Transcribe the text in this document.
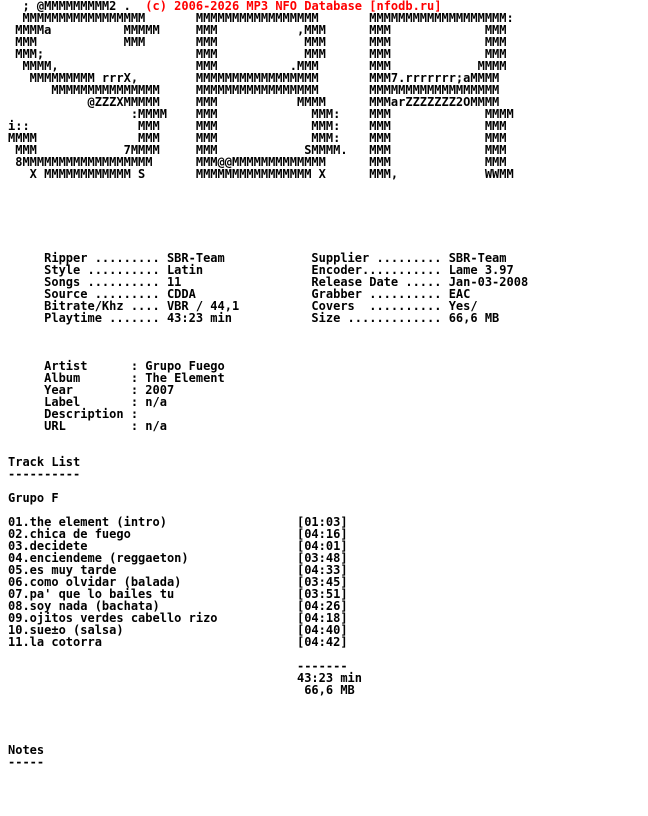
; @MMMMMMMMM2 .  (c) 2006-2026 MP3 NFO Database [nfodb.ru]
MMMMMMMMMMMMMMMMM       MMMMMMMMMMMMMMMMM       MMMMMMMMMMMMMMMMMMM:
MMMMa          MMMMM     MMM           ,MMM      MMM             MMM
MMM            MMM       MMM            MMM      MMM             MMM
MMM;                     MMM            MMM      MMM             MMM
MMMM,                   MMM          .MMM       MMM            MMMM
MMMMMMMMM rrrX,        MMMMMMMMMMMMMMMMM       MMM7.rrrrrrr;aMMMM
MMMMMMMMMMMMMMM     MMMMMMMMMMMMMMMMM       MMMMMMMMMMMMMMMMMM
@ZZZXMMMMM     MMM           MMMM      MMMarZZZZZZZ2OMMMM
:MMMM    MMM             MMM:    MMM             MMMM
i::               MMM     MMM             MMM:    MMM             MMM
MMMM              MMM     MMM             MMM:    MMM             MMM
MMM            7MMMM     MMM            SMMMM.   MMM             MMM
8MMMMMMMMMMMMMMMMMM      MMM@@MMMMMMMMMMMMM      MMM             MMM
X MMMMMMMMMMMM S       MMMMMMMMMMMMMMMM X      MMM,            WWMM

Ripper ......... SBR-Team            Supplier ......... SBR-Team
Style .......... Latin               Encoder........... Lame 3.97
Songs .......... 11                  Release Date ..... Jan-03-2008
Source ......... CDDA                Grabber .......... EAC
Bitrate/Khz .... VBR / 44,1          Covers  .......... Yes/
Playtime ....... 43:23 min           Size ............. 66,6 MB

Artist      : Grupo Fuego
Album       : The Element
Year        : 2007
Label       : n/a
Description :
URL         : n/a

Track List
----------

Grupo F

01.the element (intro)                  [01:03]
02.chica de fuego                       [04:16]
03.decidete                             [04:01]
04.enciendeme (reggaeton)               [03:48]
05.es muy tarde                         [04:33]
06.como olvidar (balada)                [03:45]
07.pa' que lo bailes tu                 [03:51]
08.soy nada (bachata)                   [04:26]
09.ojitos verdes cabello rizo           [04:18]
10.sue±o (salsa)                        [04:40]
11.la cotorra                           [04:42]

-------
43:23 min
66,6 MB

Notes
-----
